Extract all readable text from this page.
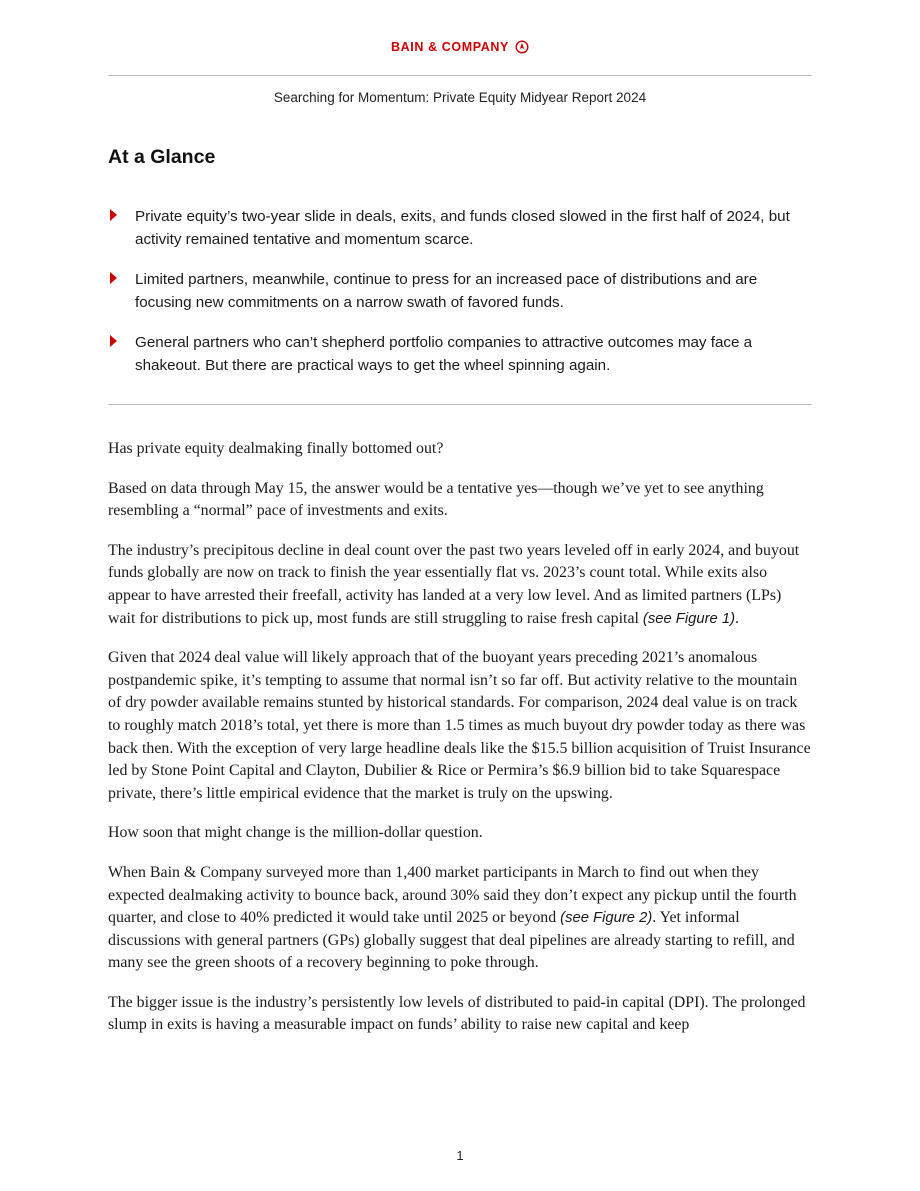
BAIN & COMPANY
Searching for Momentum: Private Equity Midyear Report 2024
At a Glance
Private equity’s two-year slide in deals, exits, and funds closed slowed in the first half of 2024, but activity remained tentative and momentum scarce.
Limited partners, meanwhile, continue to press for an increased pace of distributions and are focusing new commitments on a narrow swath of favored funds.
General partners who can’t shepherd portfolio companies to attractive outcomes may face a shakeout. But there are practical ways to get the wheel spinning again.

Has private equity dealmaking finally bottomed out?

Based on data through May 15, the answer would be a tentative yes—though we’ve yet to see anything resembling a “normal” pace of investments and exits.

The industry’s precipitous decline in deal count over the past two years leveled off in early 2024, and buyout funds globally are now on track to finish the year essentially flat vs. 2023’s count total. While exits also appear to have arrested their freefall, activity has landed at a very low level. And as limited partners (LPs) wait for distributions to pick up, most funds are still struggling to raise fresh capital (see Figure 1).

Given that 2024 deal value will likely approach that of the buoyant years preceding 2021’s anomalous postpandemic spike, it’s tempting to assume that normal isn’t so far off. But activity relative to the mountain of dry powder available remains stunted by historical standards. For comparison, 2024 deal value is on track to roughly match 2018’s total, yet there is more than 1.5 times as much buyout dry powder today as there was back then. With the exception of very large headline deals like the $15.5 billion acquisition of Truist Insurance led by Stone Point Capital and Clayton, Dubilier & Rice or Permira’s $6.9 billion bid to take Squarespace private, there’s little empirical evidence that the market is truly on the upswing.

How soon that might change is the million-dollar question.

When Bain & Company surveyed more than 1,400 market participants in March to find out when they expected dealmaking activity to bounce back, around 30% said they don’t expect any pickup until the fourth quarter, and close to 40% predicted it would take until 2025 or beyond (see Figure 2). Yet informal discussions with general partners (GPs) globally suggest that deal pipelines are already starting to refill, and many see the green shoots of a recovery beginning to poke through.

The bigger issue is the industry’s persistently low levels of distributed to paid-in capital (DPI). The prolonged slump in exits is having a measurable impact on funds’ ability to raise new capital and keep

1
